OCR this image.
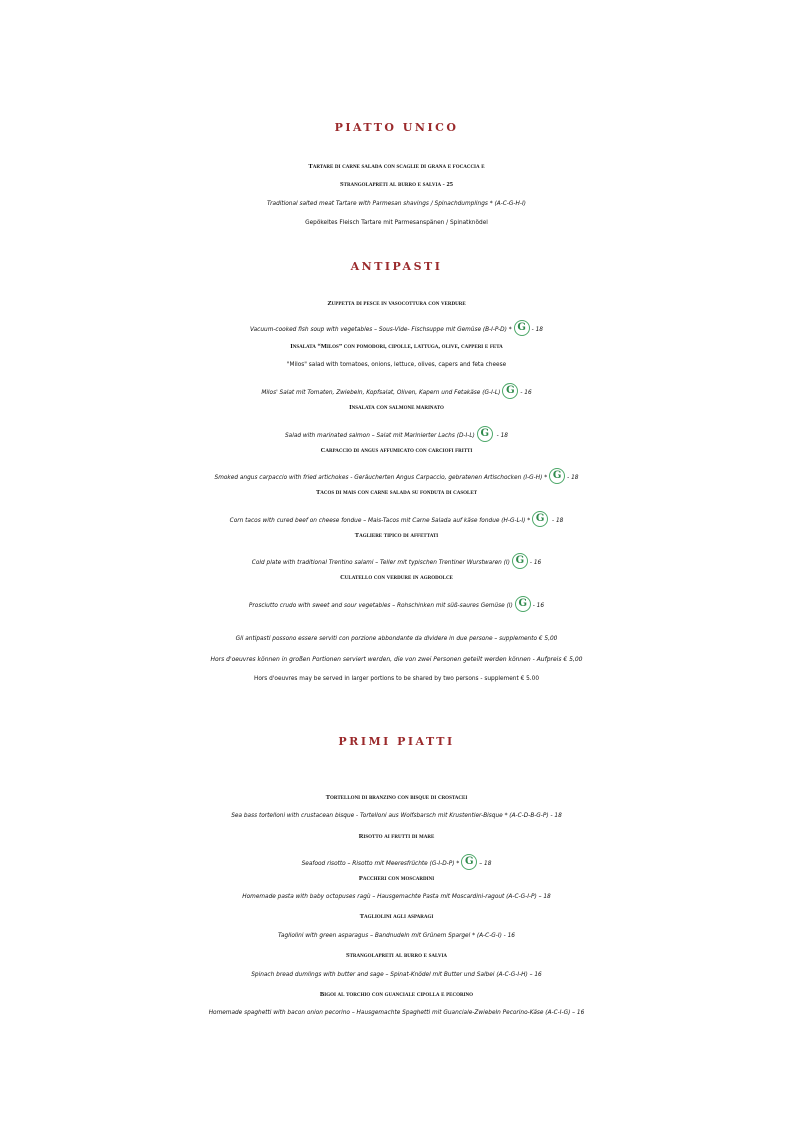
PIATTO UNICO
Tartare di carne salada con scaglie di grana e focaccia e
Strangolapreti al burro e salvia - 25
Traditional salted meat Tartare with Parmesan shavings / Spinachdumplings * (A-C-G-H-I)
Gepökeltes Fleisch Tartare mit Parmesanspänen / Spinatknödel
ANTIPASTI
Zuppetta di pesce in vasocottura con verdure
Vacuum-cooked fish soup with vegetables – Sous-Vide- Fischsuppe mit Gemüse (B-I-P-D) * G - 18
Insalata “Milos” con pomodori, cipolle, lattuga, olive, capperi e feta
"Milos" salad with tomatoes, onions, lettuce, olives, capers and feta cheese
Milos' Salat mit Tomaten, Zwiebeln, Kopfsalat, Oliven, Kapern und Fetakäse (G-I-L) G - 16
Insalata con salmone marinato
Salad with marinated salmon – Salat mit Marinierter Lachs (D-I-L) G - 18
Carpaccio di angus affumicato con carciofi fritti
Smoked angus carpaccio with fried artichokes - Geräucherten Angus Carpaccio, gebratenen Artischocken (I-G-H) * G - 18
Tacos di mais con carne salada su fonduta di casolet
Corn tacos with cured beef on cheese fondue – Mais-Tacos mit Carne Salada auf käse fondue (H-G-L-I) * G - 18
Tagliere tipico di affettati
Cold plate with traditional Trentino salami – Teller mit typischen Trentiner Wurstwaren (I) G - 16
Culatello con verdure in agrodolce
Prosciutto crudo with sweet and sour vegetables – Rohschinken mit süß-saures Gemüse (I) G - 16
Gli antipasti possono essere serviti con porzione abbondante da dividere in due persone – supplemento € 5,00
Hors d'oeuvres können in großen Portionen serviert werden, die von zwei Personen geteilt werden können - Aufpreis € 5,00
Hors d'oeuvres may be served in larger portions to be shared by two persons - supplement € 5.00
PRIMI PIATTI
Tortelloni di branzino con bisque di crostacei
Sea bass tortelloni with crustacean bisque - Tortelloni aus Wolfsbarsch mit Krustentier-Bisque * (A-C-D-B-G-P) - 18
Risotto ai frutti di mare
Seafood risotto – Risotto mit Meeresfrüchte (G-I-D-P) * G – 18
Paccheri con moscardini
Homemade pasta with baby octopuses ragù – Hausgemachte Pasta mit Moscardini-ragout (A-C-G-I-P) – 18
Tagliolini agli asparagi
Tagliolini with green asparagus – Bandnudeln mit Grünem Spargel * (A-C-G-I) - 16
Strangolapreti al burro e salvia
Spinach bread dumlings with butter and sage – Spinat-Knödel mit Butter und Salbei (A-C-G-I-H) – 16
Bigoi al torchio con guanciale cipolla e pecorino
Homemade spaghetti with bacon onion pecorino – Hausgemachte Spaghetti mit Guanciale-Zwiebeln Pecorino-Käse (A-C-I-G) – 16
